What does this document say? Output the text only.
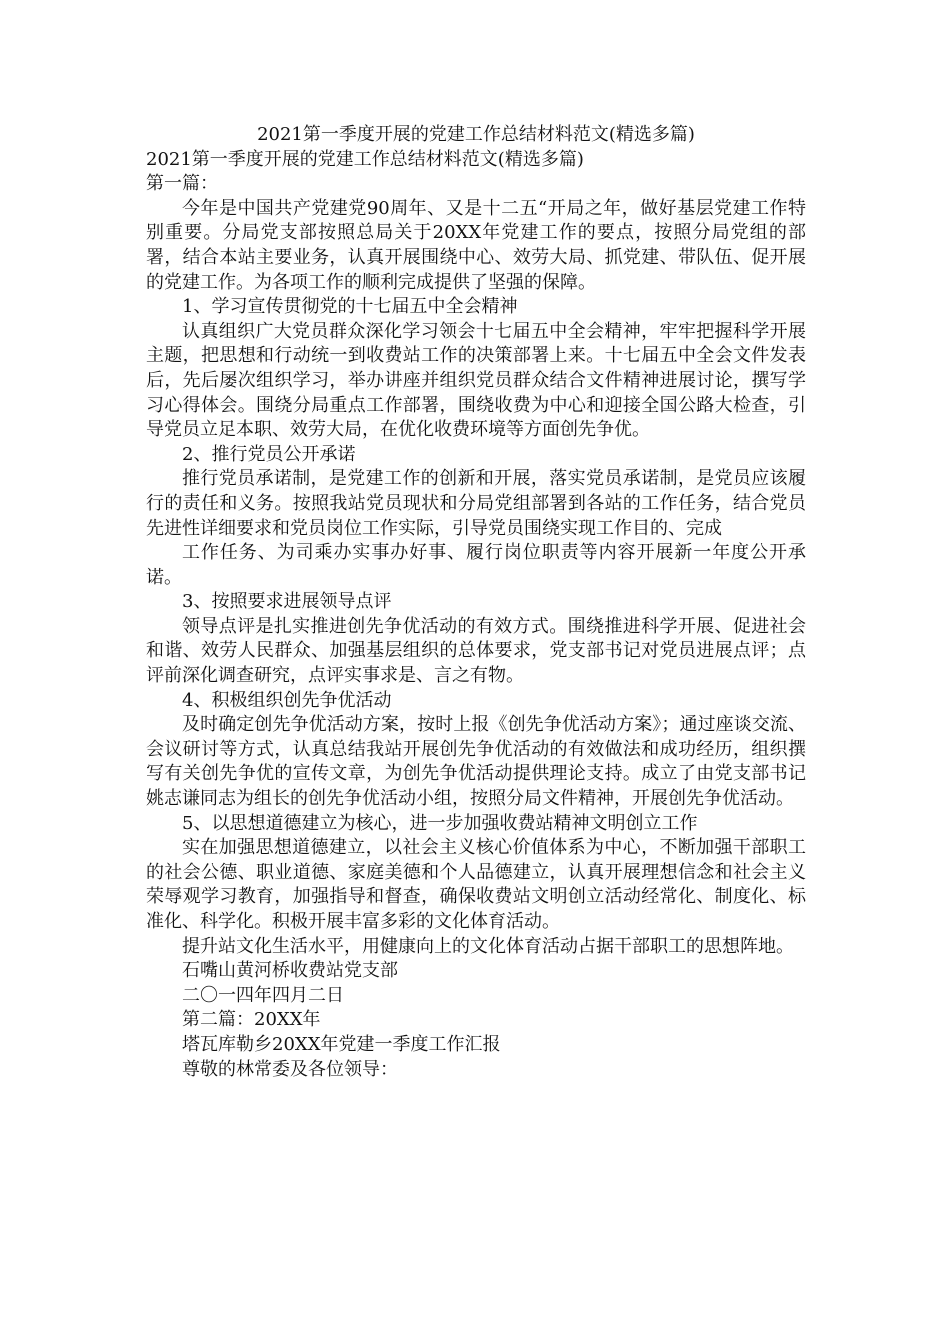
2021第一季度开展的党建工作总结材料范文(精选多篇)

2021第一季度开展的党建工作总结材料范文(精选多篇)

第一篇：

今年是中国共产党建党90周年、又是十二五“开局之年，做好基层党建工作特别重要。分局党支部按照总局关于20XX年党建工作的要点，按照分局党组的部署，结合本站主要业务，认真开展围绕中心、效劳大局、抓党建、带队伍、促开展的党建工作。为各项工作的顺利完成提供了坚强的保障。

1、学习宣传贯彻党的十七届五中全会精神

认真组织广大党员群众深化学习领会十七届五中全会精神，牢牢把握科学开展主题，把思想和行动统一到收费站工作的决策部署上来。十七届五中全会文件发表后，先后屡次组织学习，举办讲座并组织党员群众结合文件精神进展讨论，撰写学习心得体会。围绕分局重点工作部署，围绕收费为中心和迎接全国公路大检查，引导党员立足本职、效劳大局，在优化收费环境等方面创先争优。

2、推行党员公开承诺

推行党员承诺制，是党建工作的创新和开展，落实党员承诺制，是党员应该履行的责任和义务。按照我站党员现状和分局党组部署到各站的工作任务，结合党员先进性详细要求和党员岗位工作实际，引导党员围绕实现工作目的、完成

工作任务、为司乘办实事办好事、履行岗位职责等内容开展新一年度公开承诺。

3、按照要求进展领导点评

领导点评是扎实推进创先争优活动的有效方式。围绕推进科学开展、促进社会和谐、效劳人民群众、加强基层组织的总体要求，党支部书记对党员进展点评；点评前深化调查研究，点评实事求是、言之有物。

4、积极组织创先争优活动

及时确定创先争优活动方案，按时上报《创先争优活动方案》；通过座谈交流、会议研讨等方式，认真总结我站开展创先争优活动的有效做法和成功经历，组织撰写有关创先争优的宣传文章，为创先争优活动提供理论支持。成立了由党支部书记姚志谦同志为组长的创先争优活动小组，按照分局文件精神，开展创先争优活动。

5、以思想道德建立为核心，进一步加强收费站精神文明创立工作

实在加强思想道德建立，以社会主义核心价值体系为中心，不断加强干部职工的社会公德、职业道德、家庭美德和个人品德建立，认真开展理想信念和社会主义荣辱观学习教育，加强指导和督查，确保收费站文明创立活动经常化、制度化、标准化、科学化。积极开展丰富多彩的文化体育活动。

提升站文化生活水平，用健康向上的文化体育活动占据干部职工的思想阵地。

石嘴山黄河桥收费站党支部

二〇一四年四月二日

第二篇：20XX年

塔瓦库勒乡20XX年党建一季度工作汇报

尊敬的林常委及各位领导：
